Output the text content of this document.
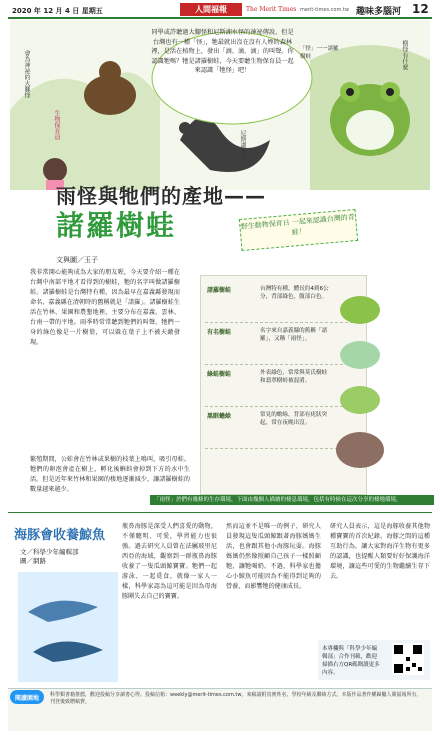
2020 年 12 月 4 日 星期五	人間福報	The Merit Times merit-times.com.tw 趣味多腦河 12
同學或許聽過大腳怪和尼斯湖水怪的神祕傳說，但是台灣也有一種「怪」，牠最就出沒在沒有人煙的森林裡，是活在植物上，發出「滴、滴、滴」的叫聲。你認識牠嗎？牠是諸羅樹蛙，今天要聽生物保育員一起來認識「牠怪」吧！
會為神祕的大腳怪
生物保育員
尼斯湖水怪
「怪」一一諸羅樹蛙	樹怪有什麼
雨怪與牠們的產地——
諸羅樹蛙	野生動物保育日 一起來認識台灣的青蛙！
文與圖／玉子
我非常開心能夠成為大家的朋友喔，今天要介紹一種在台灣中南部平地才看得到的樹蛙，牠的名字叫做諸羅樹蛙。諸羅樹蛙是台灣特有種，因為最早在嘉義縣發現而命名，嘉義縣在清朝時的舊稱就是「諸羅」。諸羅樹蛙生活在竹林、果園和農墾地裡，主要分布在嘉義、雲林、台南一帶的平地。雨季時常常聽到牠們的叫聲，牠們一身的綠色像是一片樹葉，可以躲在葉子上不被天敵發現。
諸羅樹蛙	台灣特有種，體長約4到6公分，背部綠色，腹部白色。
有名樹蛙	名字來自嘉義縣的舊稱「諸羅」，又稱「雨怪」。
綠蛙樹蛙	外表綠色，常常與莫氏樹蛙和翡翠樹蛙被混淆。
黑眶蟾蜍	常見的蟾蜍，背部有疣狀突起，常在夜晚出沒。
繁殖期間，公蛙會在竹林或果樹的枝葉上鳴叫，吸引母蛙。牠們的卵泡會產在樹上，孵化後蝌蚪會掉到下方的水中生活。但是近年來竹林和果園的棲地逐漸減少，讓諸羅樹蛙的數量越來越少。
「雨怪」於們有幾條的生存環境，下面由幾個人描繪的棲息環境，包括有時候在這次分享的棲地環境，
海豚會收養鯨魚
文／科學少年編輯部
圖／網路
瓶鼻海豚是深受人們喜愛的動物，不僅聰明、可愛，學習能力也很強。過去研究人員曾在法屬玻里尼西亞的海域，觀察到一群瓶鼻海豚收養了一隻瓜頭鯨寶寶。牠們一起游泳、一起覓食，就像一家人一樣，科學家認為這可能是因為母海豚剛失去自己的寶寶。
然而這並不是唯一的例子，研究人員發現這隻瓜頭鯨跟著海豚媽媽生活，也會跟其他小海豚玩耍。海豚媽媽仍然像照顧自己孩子一樣照顧牠，讓牠喝奶。不過，科學家也擔心小鯨魚可能因為不能得到足夠的營養，而影響牠的健康成長。
研究人員表示，這是海豚收養其他物種寶寶的首次紀錄。海豚之間的這種互助行為，讓大家對海洋生物有更多的認識，也提醒人類要好好保護海洋環境，讓這些可愛的生物繼續生存下去。
本專欄與「科學少年編輯部」合作刊載，歡迎掃描右方QR碼閱讀更多內容。
閱讀園地	科學類書籍推薦，歡迎投稿分享讀書心得。投稿信箱：weekly@merit-times.com.tw，來稿請附真實姓名、學校年級及聯絡方式。本版作品著作權歸屬人間福報所有，刊登後致贈稿費。
